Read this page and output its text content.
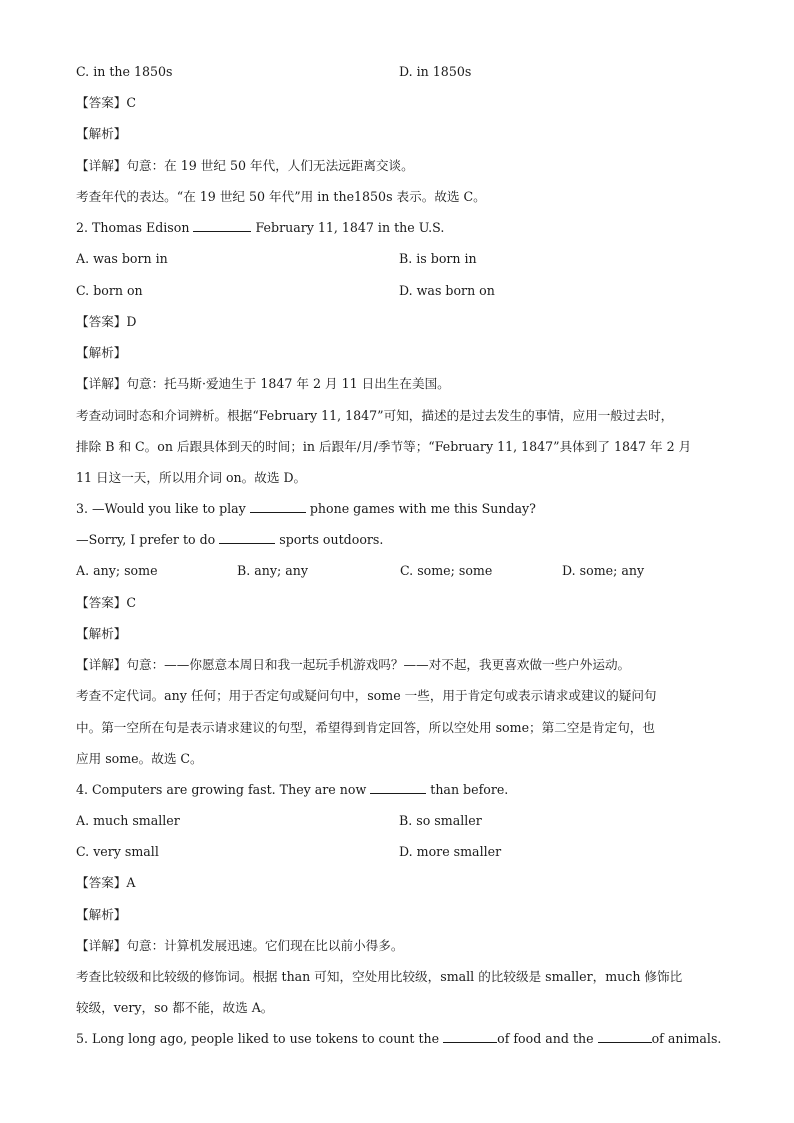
C. in the 1850s	D. in 1850s
【答案】C
【解析】
【详解】句意：在 19 世纪 50 年代，人们无法远距离交谈。
考查年代的表达。“在 19 世纪 50 年代”用 in the1850s 表示。故选 C。
2. Thomas Edison	February 11, 1847 in the U.S.
A. was born in	B. is born in
C. born on	D. was born on
【答案】D
【解析】
【详解】句意：托马斯·爱迪生于 1847 年 2 月 11 日出生在美国。
考查动词时态和介词辨析。根据“February 11, 1847”可知，描述的是过去发生的事情，应用一般过去时，
排除 B 和 C。on 后跟具体到天的时间；in 后跟年/月/季节等；“February 11, 1847”具体到了 1847 年 2 月
11 日这一天，所以用介词 on。故选 D。
3. —Would you like to play	phone games with me this Sunday?
—Sorry, I prefer to do	sports outdoors.
A. any; some	B. any; any	C. some; some	D. some; any
【答案】C
【解析】
【详解】句意：——你愿意本周日和我一起玩手机游戏吗？——对不起，我更喜欢做一些户外运动。
考查不定代词。any 任何；用于否定句或疑问句中，some 一些，用于肯定句或表示请求或建议的疑问句
中。第一空所在句是表示请求建议的句型，希望得到肯定回答，所以空处用 some；第二空是肯定句，也
应用 some。故选 C。
4. Computers are growing fast. They are now	than before.
A. much smaller	B. so smaller
C. very small	D. more smaller
【答案】A
【解析】
【详解】句意：计算机发展迅速。它们现在比以前小得多。
考查比较级和比较级的修饰词。根据 than 可知，空处用比较级，small 的比较级是 smaller，much 修饰比
较级，very，so 都不能，故选 A。
5. Long long ago, people liked to use tokens to count the	of food and the	of animals.
